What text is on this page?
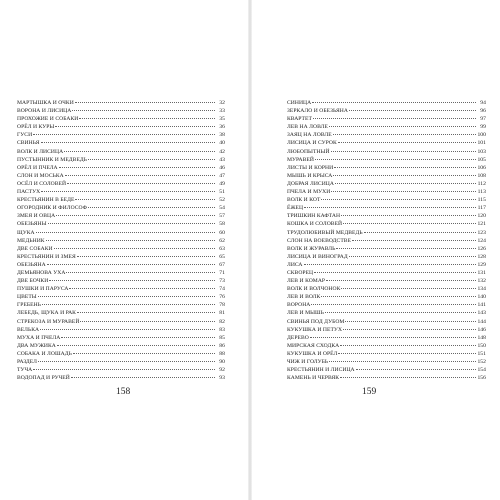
МАРТЫШКА И ОЧКИ	32
ВОРОНА И ЛИСИЦА	33
ПРОХОЖИЕ И СОБАКИ	35
ОРЁЛ И КУРЫ	36
ГУСИ	38
СВИНЬЯ	40
ВОЛК И ЛИСИЦА	42
ПУСТЫННИК И МЕДВЕДЬ	43
ОРЁЛ И ПЧЕЛА	46
СЛОН И МОСЬКА	47
ОСЁЛ И СОЛОВЕЙ	49
ПАСТУХ	51
КРЕСТЬЯНИН В БЕДЕ	52
ОГОРОДНИК И ФИЛОСОФ	54
ЗМЕЯ И ОВЦА	57
ОБЕЗЬЯНЫ	58
ЩУКА	60
МЕДЬНИК	62
ДВЕ СОБАКИ	63
КРЕСТЬЯНИН И ЗМЕЯ	65
ОБЕЗЬЯНА	67
ДЕМЬЯНОВА УХА	71
ДВЕ БОЧКИ	73
ПУШКИ И ПАРУСА	74
ЦВЕТЫ	76
ГРЕБЕНЬ	78
ЛЕБЕДЬ, ЩУКА И РАК	81
СТРЕКОЗА И МУРАВЕЙ	82
ВЕЛЬКА	83
МУХА И ПЧЕЛА	85
ДВА МУЖИКА	86
СОБАКА И ЛОШАДЬ	88
РАЗДЕЛ	90
ТУЧА	92
ВОДОПАД И РУЧЕЙ	93
158
СИНИЦА	94
ЗЕРКАЛО И ОБЕЗЬЯНА	96
КВАРТЕТ	97
ЛЕВ НА ЛОВЛЕ	99
ЗАЯЦ НА ЛОВЛЕ	100
ЛИСИЦА И СУРОК	101
ЛЮБОПЫТНЫЙ	103
МУРАВЕЙ	105
ЛИСТЫ И КОРНИ	106
МЫШЬ И КРЫСА	108
ДОБРАЯ ЛИСИЦА	112
ПЧЕЛА И МУХИ	113
ВОЛК И КОТ	115
ЁЖЕЦ	117
ТРИШКИН КАФТАН	120
КОШКА И СОЛОВЕЙ	121
ТРУДОЛЮБИВЫЙ МЕДВЕДЬ	123
СЛОН НА ВОЕВОДСТВЕ	124
ВОЛК И ЖУРАВЛЬ	126
ЛИСИЦА И ВИНОГРАД	128
ЛИСА	129
СКВОРЕЦ	131
ЛЕВ И КОМАР	132
ВОЛК И ВОЛЧОНОК	134
ЛЕВ И ВОЛК	140
ВОРОНА	141
ЛЕВ И МЫШЬ	143
СВИНЬЯ ПОД ДУБОМ	144
КУКУШКА И ПЕТУХ	146
ДЕРЕВО	148
МИРСКАЯ СХОДКА	150
КУКУШКА И ОРЁЛ	151
ЧИЖ И ГОЛУБЬ	152
КРЕСТЬЯНИН И ЛИСИЦА	154
КАМЕНЬ И ЧЕРВЯК	156
159
